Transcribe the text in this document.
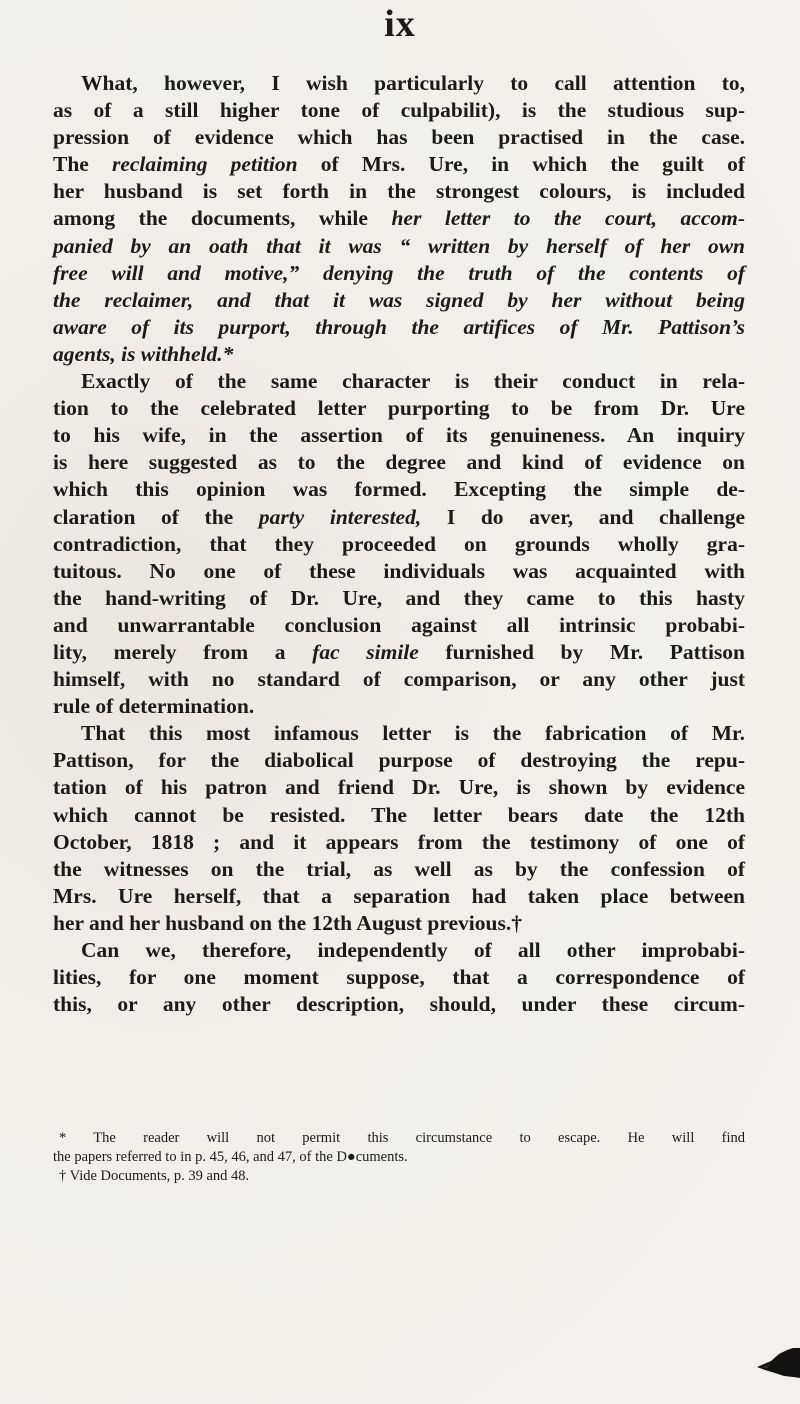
ix
What, however, I wish particularly to call attention to,
as of a still higher tone of culpabilit), is the studious sup-
pression of evidence which has been practised in the case.
The reclaiming petition of Mrs. Ure, in which the guilt of
her husband is set forth in the strongest colours, is included
among the documents, while her letter to the court, accom-
panied by an oath that it was “ written by herself of her own
free will and motive,” denying the truth of the contents of
the reclaimer, and that it was signed by her without being
aware of its purport, through the artifices of Mr. Pattison’s
agents, is withheld.*
Exactly of the same character is their conduct in rela-
tion to the celebrated letter purporting to be from Dr. Ure
to his wife, in the assertion of its genuineness. An inquiry
is here suggested as to the degree and kind of evidence on
which this opinion was formed. Excepting the simple de-
claration of the party interested, I do aver, and challenge
contradiction, that they proceeded on grounds wholly gra-
tuitous. No one of these individuals was acquainted with
the hand-writing of Dr. Ure, and they came to this hasty
and unwarrantable conclusion against all intrinsic probabi-
lity, merely from a fac simile furnished by Mr. Pattison
himself, with no standard of comparison, or any other just
rule of determination.
That this most infamous letter is the fabrication of Mr.
Pattison, for the diabolical purpose of destroying the repu-
tation of his patron and friend Dr. Ure, is shown by evidence
which cannot be resisted. The letter bears date the 12th
October, 1818 ; and it appears from the testimony of one of
the witnesses on the trial, as well as by the confession of
Mrs. Ure herself, that a separation had taken place between
her and her husband on the 12th August previous.†
Can we, therefore, independently of all other improbabi-
lities, for one moment suppose, that a correspondence of
this, or any other description, should, under these circum-
* The reader will not permit this circumstance to escape. He will find
the papers referred to in p. 45, 46, and 47, of the D●cuments.
† Vide Documents, p. 39 and 48.
